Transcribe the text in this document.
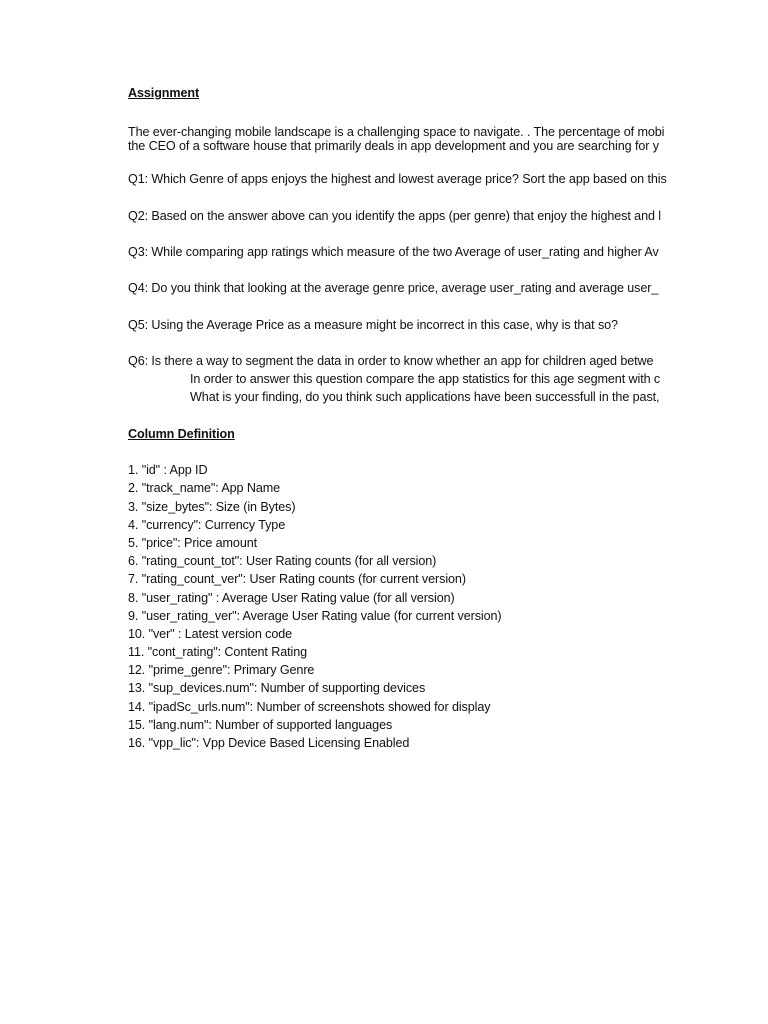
Assignment

The ever-changing mobile landscape is a challenging space to navigate. . The percentage of mobi

the CEO of a software house that primarily deals in app development and you are searching for y

Q1: Which Genre of apps enjoys the highest and lowest average price? Sort the app based on this

Q2: Based on the answer above can you identify the apps (per genre) that enjoy the highest and l

Q3: While comparing app ratings which measure of the two Average of user_rating and higher Av

Q4: Do you think that looking at the average genre price, average user_rating and average user_

Q5: Using the Average Price as a measure might be incorrect in this case, why is that so?

Q6: Is there a way to segment the data in order to know whether an app for children aged betwe

In order to answer this question compare the app statistics for this age segment with c

What is your finding, do you think such applications have been successfull in the past,

Column Definition

1. "id" : App ID

2. "track_name": App Name

3. "size_bytes": Size (in Bytes)

4. "currency": Currency Type

5. "price": Price amount

6. "rating_count_tot": User Rating counts (for all version)

7. "rating_count_ver": User Rating counts (for current version)

8. "user_rating" : Average User Rating value (for all version)

9. "user_rating_ver": Average User Rating value (for current version)

10. "ver" : Latest version code

11. "cont_rating": Content Rating

12. "prime_genre": Primary Genre

13. "sup_devices.num": Number of supporting devices

14. "ipadSc_urls.num": Number of screenshots showed for display

15. "lang.num": Number of supported languages

16. "vpp_lic": Vpp Device Based Licensing Enabled
